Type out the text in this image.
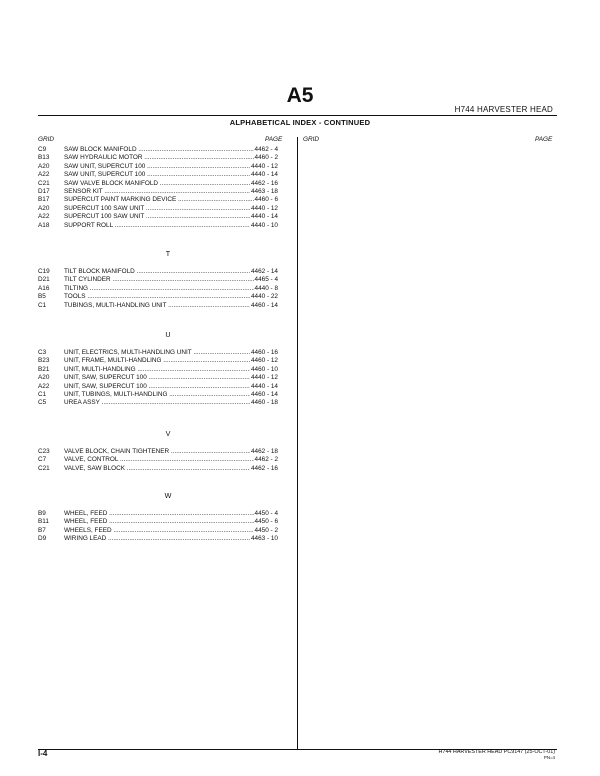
A5
H744 HARVESTER HEAD
ALPHABETICAL INDEX - CONTINUED
GRID	PAGE	GRID	PAGE
C9	SAW BLOCK MANIFOLD .....	4462 - 4
B13	SAW HYDRAULIC MOTOR .....	4460 - 2
A20	SAW UNIT, SUPERCUT 100 .....	4440 - 12
A22	SAW UNIT, SUPERCUT 100 .....	4440 - 14
C21	SAW VALVE BLOCK MANIFOLD .....	4462 - 16
D17	SENSOR KIT .....	4463 - 18
B17	SUPERCUT PAINT MARKING DEVICE .....	4460 - 6
A20	SUPERCUT 100 SAW UNIT .....	4440 - 12
A22	SUPERCUT 100 SAW UNIT .....	4440 - 14
A18	SUPPORT ROLL .....	4440 - 10
T
C19	TILT BLOCK MANIFOLD .....	4462 - 14
D21	TILT CYLINDER .....	4465 - 4
A16	TILTING .....	4440 - 8
B5	TOOLS .....	4440 - 22
C1	TUBINGS, MULTI-HANDLING UNIT .....	4460 - 14
U
C3	UNIT, ELECTRICS, MULTI-HANDLING UNIT .....	4460 - 16
B23	UNIT, FRAME, MULTI-HANDLING .....	4460 - 12
B21	UNIT, MULTI-HANDLING .....	4460 - 10
A20	UNIT, SAW, SUPERCUT 100 .....	4440 - 12
A22	UNIT, SAW, SUPERCUT 100 .....	4440 - 14
C1	UNIT, TUBINGS, MULTI-HANDLING .....	4460 - 14
C5	UREA ASSY .....	4460 - 18
V
C23	VALVE BLOCK, CHAIN TIGHTENER .....	4462 - 18
C7	VALVE, CONTROL .....	4462 - 2
C21	VALVE, SAW BLOCK .....	4462 - 16
W
B9	WHEEL, FEED .....	4450 - 4
B11	WHEEL, FEED .....	4450 - 6
B7	WHEELS, FEED .....	4450 - 2
D9	WIRING LEAD .....	4463 - 10
I-4	H744 HARVESTER HEAD PC9147 (25-OCT-01)
PN=4
